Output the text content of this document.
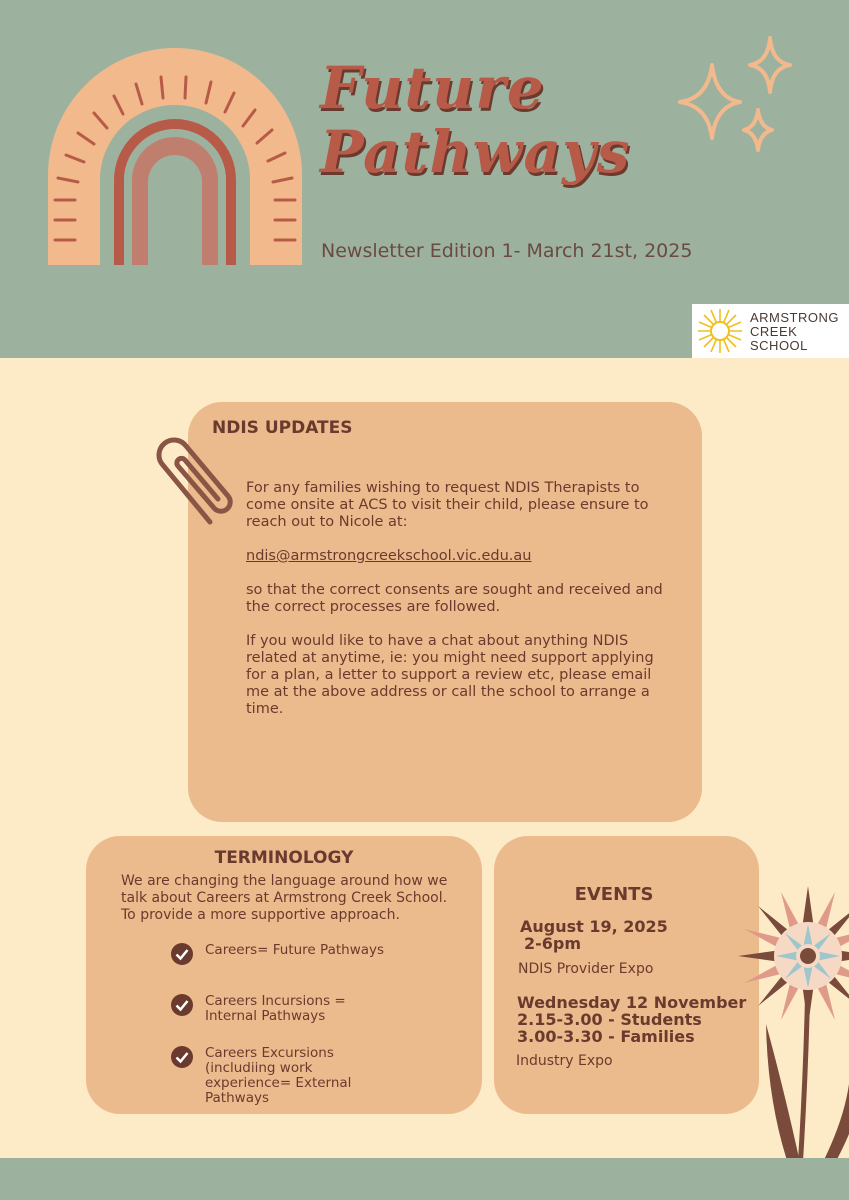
Future
Pathways
Newsletter Edition 1- March 21st, 2025
ARMSTRONG
CREEK
SCHOOL
NDIS UPDATES

For any families wishing to request NDIS Therapists to come onsite at ACS to visit their child, please ensure to reach out to Nicole at:

ndis@armstrongcreekschool.vic.edu.au

so that the correct consents are sought and received and the correct processes are followed.

If you would like to have a chat about anything NDIS related at anytime, ie: you might need support applying for a plan, a letter to support a review etc, please email me at the above address or call the school to arrange a time.

TERMINOLOGY
We are changing the language around how we talk about Careers at Armstrong Creek School. To provide a more supportive approach.
Careers= Future Pathways
Careers Incursions = Internal Pathways
Careers Excursions (includiing work experience= External Pathways
EVENTS
August 19, 2025
2-6pm
NDIS Provider Expo
Wednesday 12 November
2.15-3.00 - Students
3.00-3.30 - Families
Industry Expo
